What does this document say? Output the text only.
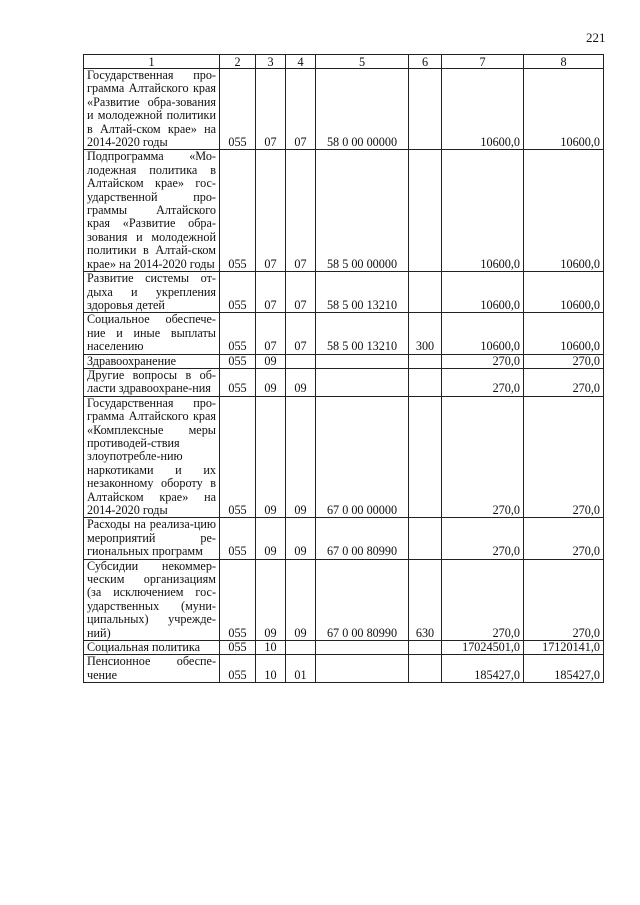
221
1	2	3	4	5	6	7	8
Государственная про-грамма Алтайского края «Развитие обра-зования и молодежной политики в Алтай-ском крае» на 2014-2020 годы	055	07	07	58 0 00 00000		10600,0	10600,0
Подпрограмма «Мо-лодежная политика в Алтайском крае» гос-ударственной про-граммы Алтайского края «Развитие обра-зования и молодежной политики в Алтай-ском крае» на 2014-2020 годы	055	07	07	58 5 00 00000		10600,0	10600,0
Развитие системы от-дыха и укрепления здоровья детей	055	07	07	58 5 00 13210		10600,0	10600,0
Социальное обеспече-ние и иные выплаты населению	055	07	07	58 5 00 13210	300	10600,0	10600,0
Здравоохранение	055	09				270,0	270,0
Другие вопросы в об-ласти здравоохране-ния	055	09	09			270,0	270,0
Государственная про-грамма Алтайского края «Комплексные меры противодей-ствия злоупотребле-нию наркотиками и их незаконному обороту в Алтайском крае» на 2014-2020 годы	055	09	09	67 0 00 00000		270,0	270,0
Расходы на реализа-цию мероприятий ре-гиональных программ	055	09	09	67 0 00 80990		270,0	270,0
Субсидии некоммер-ческим организациям (за исключением гос-ударственных (муни-ципальных) учрежде-ний)	055	09	09	67 0 00 80990	630	270,0	270,0
Социальная политика	055	10				17024501,0	17120141,0
Пенсионное обеспе-чение	055	10	01			185427,0	185427,0
